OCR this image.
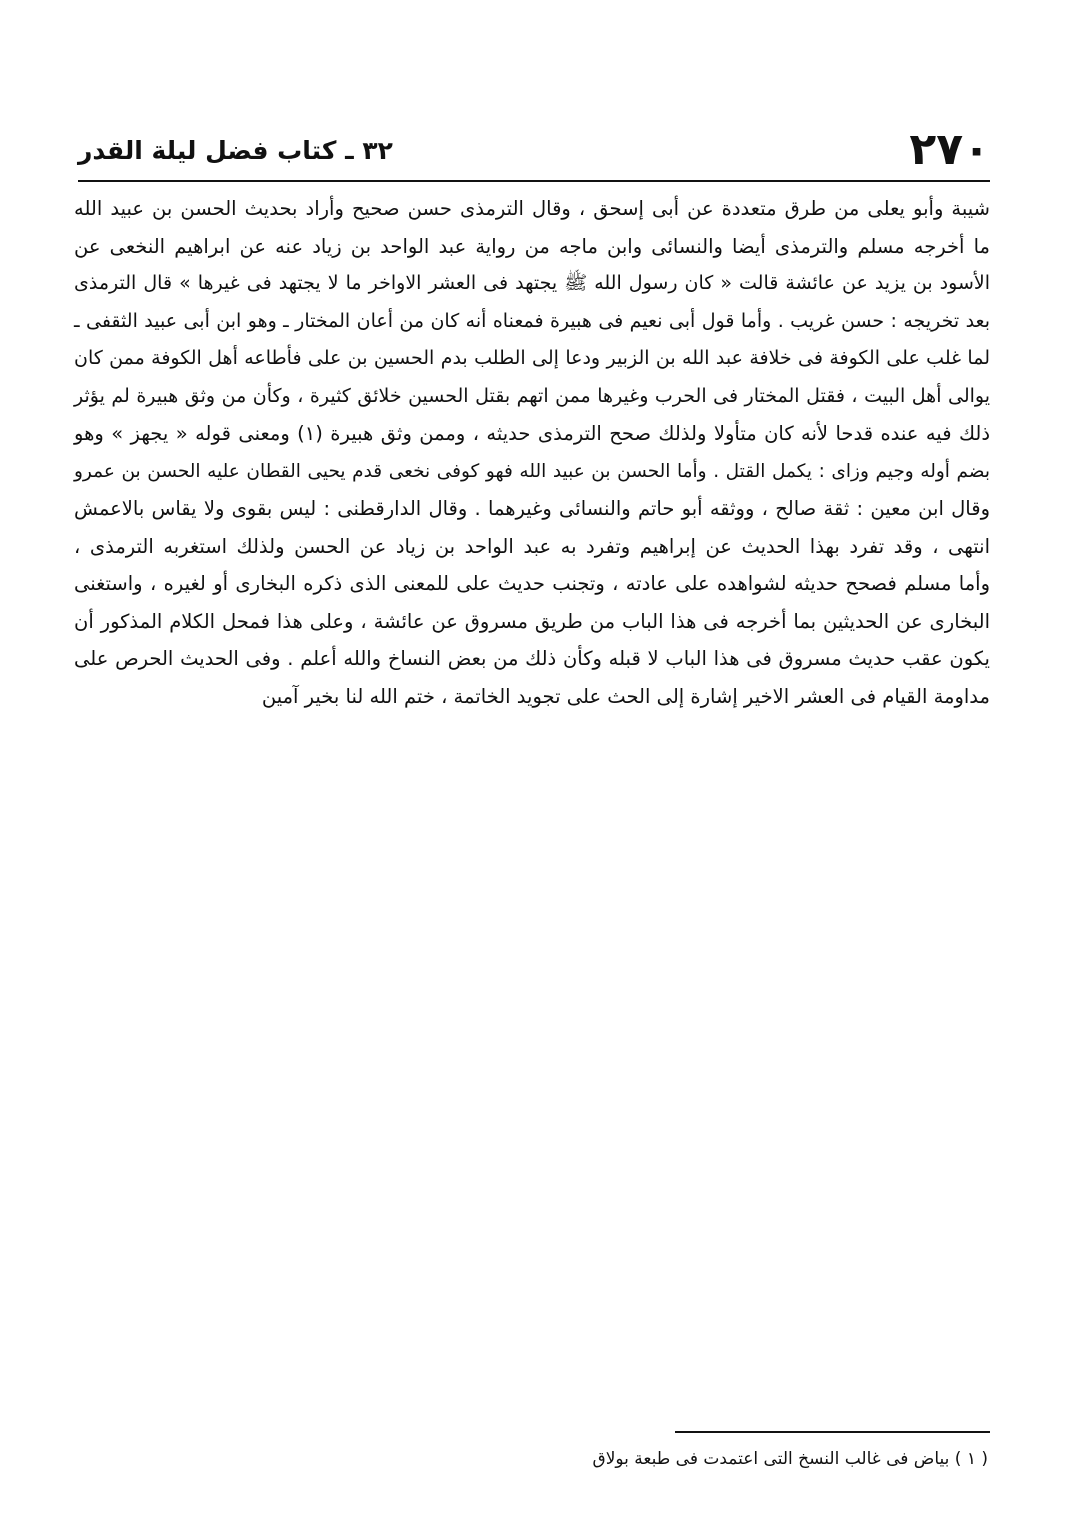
٢٧٠
٣٢ ـ كتاب فضل ليلة القدر
شيبة وأبو يعلى من طرق متعددة عن أبى إسحق ، وقال الترمذى حسن صحيح وأراد بحديث الحسن بن عبيد الله
ما أخرجه مسلم والترمذى أيضا والنسائى وابن ماجه من رواية عبد الواحد بن زياد عنه عن ابراهيم النخعى عن
الأسود بن يزيد عن عائشة قالت « كان رسول الله ﷺ يجتهد فى العشر الاواخر ما لا يجتهد فى غيرها » قال الترمذى
بعد تخريجه : حسن غريب . وأما قول أبى نعيم فى هبيرة فمعناه أنه كان من أعان المختار ـ وهو ابن أبى عبيد الثقفى ـ
لما غلب على الكوفة فى خلافة عبد الله بن الزبير ودعا إلى الطلب بدم الحسين بن على فأطاعه أهل الكوفة ممن كان
يوالى أهل البيت ، فقتل المختار فى الحرب وغيرها ممن اتهم بقتل الحسين خلائق كثيرة ، وكأن من وثق هبيرة لم يؤثر
ذلك فيه عنده قدحا لأنه كان متأولا ولذلك صحح الترمذى حديثه ، وممن وثق هبيرة (١) ومعنى قوله « يجهز » وهو
بضم أوله وجيم وزاى : يكمل القتل . وأما الحسن بن عبيد الله فهو كوفى نخعى قدم يحيى القطان عليه الحسن بن عمرو
وقال ابن معين : ثقة صالح ، ووثقه أبو حاتم والنسائى وغيرهما . وقال الدارقطنى : ليس بقوى ولا يقاس بالاعمش
انتهى ، وقد تفرد بهذا الحديث عن إبراهيم وتفرد به عبد الواحد بن زياد عن الحسن ولذلك استغربه الترمذى ،
وأما مسلم فصحح حديثه لشواهده على عادته ، وتجنب حديث على للمعنى الذى ذكره البخارى أو لغيره ، واستغنى
البخارى عن الحديثين بما أخرجه فى هذا الباب من طريق مسروق عن عائشة ، وعلى هذا فمحل الكلام المذكور أن
يكون عقب حديث مسروق فى هذا الباب لا قبله وكأن ذلك من بعض النساخ والله أعلم . وفى الحديث الحرص على
مداومة القيام فى العشر الاخير إشارة إلى الحث على تجويد الخاتمة ، ختم الله لنا بخير آمين
( ١ ) بياض فى غالب النسخ التى اعتمدت فى طبعة بولاق
